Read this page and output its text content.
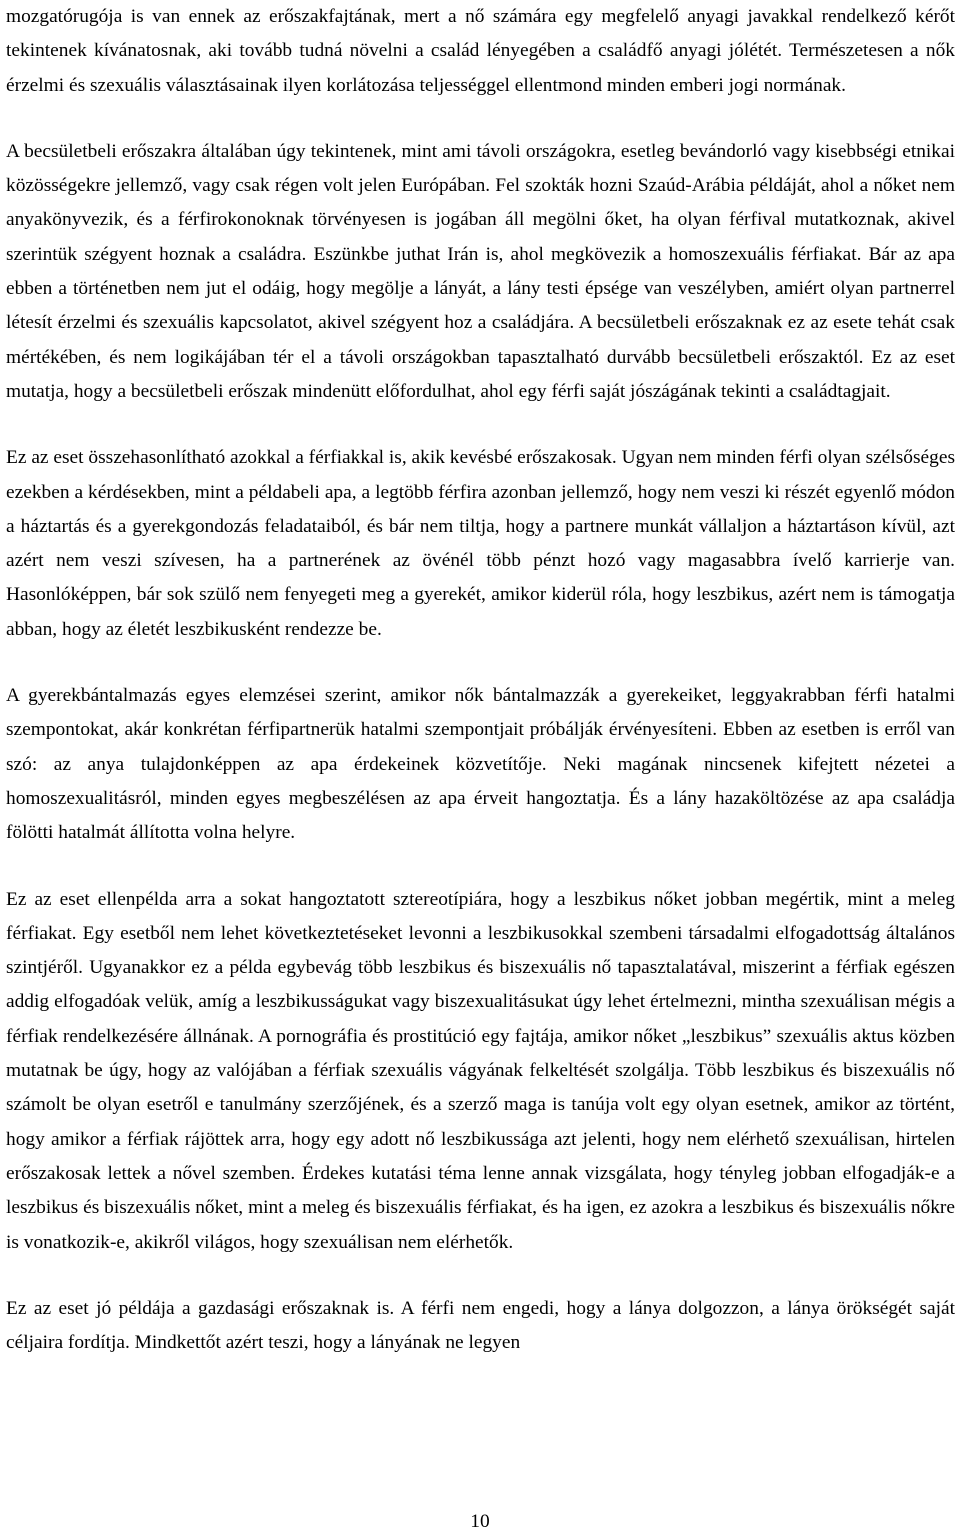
mozgatórugója is van ennek az erőszakfajtának, mert a nő számára egy megfelelő anyagi javakkal rendelkező kérőt tekintenek kívánatosnak, aki tovább tudná növelni a család lényegében a családfő anyagi jólétét. Természetesen a nők érzelmi és szexuális választásainak ilyen korlátozása teljességgel ellentmond minden emberi jogi normának.

A becsületbeli erőszakra általában úgy tekintenek, mint ami távoli országokra, esetleg bevándorló vagy kisebbségi etnikai közösségekre jellemző, vagy csak régen volt jelen Európában. Fel szokták hozni Szaúd-Arábia példáját, ahol a nőket nem anyakönyvezik, és a férfirokonoknak törvényesen is jogában áll megölni őket, ha olyan férfival mutatkoznak, akivel szerintük szégyent hoznak a családra. Eszünkbe juthat Irán is, ahol megkövezik a homoszexuális férfiakat. Bár az apa ebben a történetben nem jut el odáig, hogy megölje a lányát, a lány testi épsége van veszélyben, amiért olyan partnerrel létesít érzelmi és szexuális kapcsolatot, akivel szégyent hoz a családjára. A becsületbeli erőszaknak ez az esete tehát csak mértékében, és nem logikájában tér el a távoli országokban tapasztalható durvább becsületbeli erőszaktól. Ez az eset mutatja, hogy a becsületbeli erőszak mindenütt előfordulhat, ahol egy férfi saját jószágának tekinti a családtagjait.

Ez az eset összehasonlítható azokkal a férfiakkal is, akik kevésbé erőszakosak. Ugyan nem minden férfi olyan szélsőséges ezekben a kérdésekben, mint a példabeli apa, a legtöbb férfira azonban jellemző, hogy nem veszi ki részét egyenlő módon a háztartás és a gyerekgondozás feladataiból, és bár nem tiltja, hogy a partnere munkát vállaljon a háztartáson kívül, azt azért nem veszi szívesen, ha a partnerének az övénél több pénzt hozó vagy magasabbra ívelő karrierje van. Hasonlóképpen, bár sok szülő nem fenyegeti meg a gyerekét, amikor kiderül róla, hogy leszbikus, azért nem is támogatja abban, hogy az életét leszbikusként rendezze be.

A gyerekbántalmazás egyes elemzései szerint, amikor nők bántalmazzák a gyerekeiket, leggyakrabban férfi hatalmi szempontokat, akár konkrétan férfipartnerük hatalmi szempontjait próbálják érvényesíteni. Ebben az esetben is erről van szó: az anya tulajdonképpen az apa érdekeinek közvetítője. Neki magának nincsenek kifejtett nézetei a homoszexualitásról, minden egyes megbeszélésen az apa érveit hangoztatja. És a lány hazaköltözése az apa családja fölötti hatalmát állította volna helyre.

Ez az eset ellenpélda arra a sokat hangoztatott sztereotípiára, hogy a leszbikus nőket jobban megértik, mint a meleg férfiakat. Egy esetből nem lehet következtetéseket levonni a leszbikusokkal szembeni társadalmi elfogadottság általános szintjéről. Ugyanakkor ez a példa egybevág több leszbikus és biszexuális nő tapasztalatával, miszerint a férfiak egészen addig elfogadóak velük, amíg a leszbikusságukat vagy biszexualitásukat úgy lehet értelmezni, mintha szexuálisan mégis a férfiak rendelkezésére állnának. A pornográfia és prostitúció egy fajtája, amikor nőket „leszbikus” szexuális aktus közben mutatnak be úgy, hogy az valójában a férfiak szexuális vágyának felkeltését szolgálja. Több leszbikus és biszexuális nő számolt be olyan esetről e tanulmány szerzőjének, és a szerző maga is tanúja volt egy olyan esetnek, amikor az történt, hogy amikor a férfiak rájöttek arra, hogy egy adott nő leszbikussága azt jelenti, hogy nem elérhető szexuálisan, hirtelen erőszakosak lettek a nővel szemben. Érdekes kutatási téma lenne annak vizsgálata, hogy tényleg jobban elfogadják-e a leszbikus és biszexuális nőket, mint a meleg és biszexuális férfiakat, és ha igen, ez azokra a leszbikus és biszexuális nőkre is vonatkozik-e, akikről világos, hogy szexuálisan nem elérhetők.

Ez az eset jó példája a gazdasági erőszaknak is. A férfi nem engedi, hogy a lánya dolgozzon, a lánya örökségét saját céljaira fordítja. Mindkettőt azért teszi, hogy a lányának ne legyen

10
